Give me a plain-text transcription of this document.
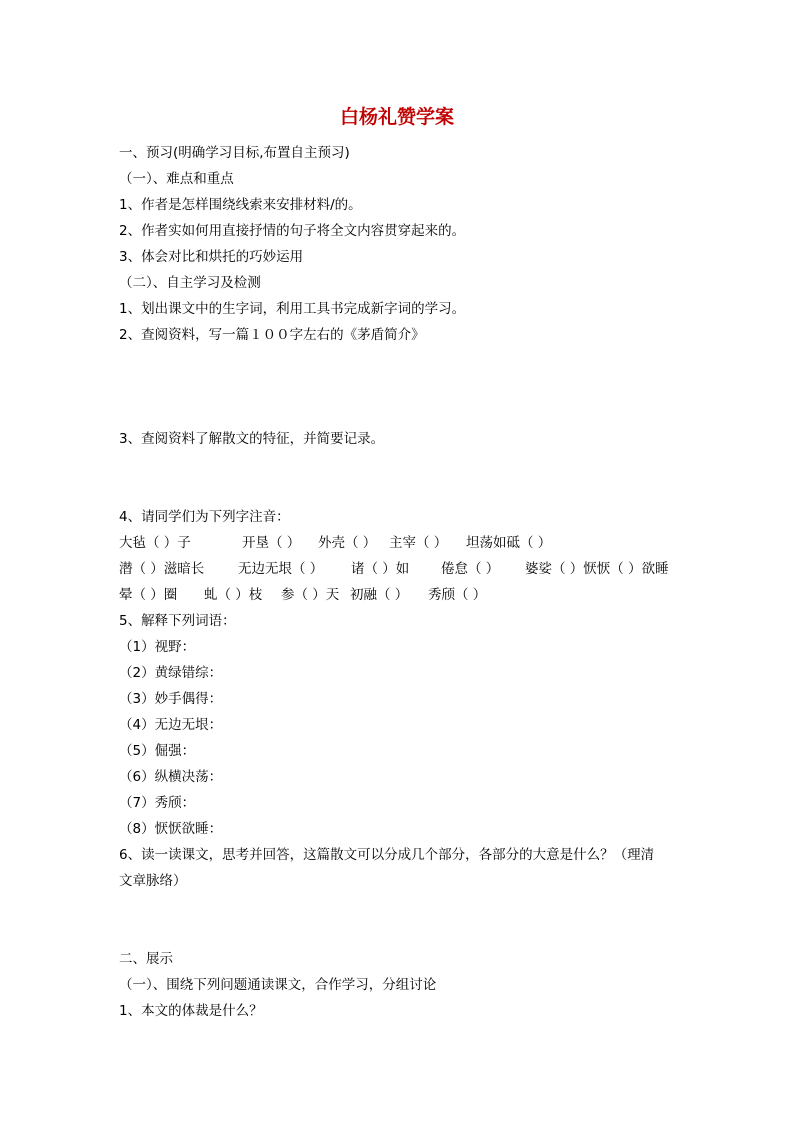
白杨礼赞学案
一、预习(明确学习目标,布置自主预习)
（一）、难点和重点
1、作者是怎样围绕线索来安排材料/的。
2、作者实如何用直接抒情的句子将全文内容贯穿起来的。
3、体会对比和烘托的巧妙运用
（二）、自主学习及检测
1、划出课文中的生字词，利用工具书完成新字词的学习。
2、查阅资料，写一篇１００字左右的《茅盾简介》
3、查阅资料了解散文的特征，并简要记录。
4、请同学们为下列字注音：
大毡（ ）子	开垦（ ） 外壳（ ） 主宰（ ） 坦荡如砥（ ）
潜（ ）滋暗长 无边无垠（ ） 诸（ ）如 倦怠（ ） 婆娑（ ）恹恹（ ）欲睡
晕（ ）圈 虬（ ）枝 参（ ）天 初融（ ） 秀颀（ ）
5、解释下列词语：
（1）视野：
（2）黄绿错综：
（3）妙手偶得：
（4）无边无垠：
（5）倔强：
（6）纵横决荡：
（7）秀颀：
（8）恹恹欲睡：
6、读一读课文，思考并回答，这篇散文可以分成几个部分，各部分的大意是什么？（理清
文章脉络）
二、展示
（一）、围绕下列问题通读课文，合作学习，分组讨论
1、本文的体裁是什么？
